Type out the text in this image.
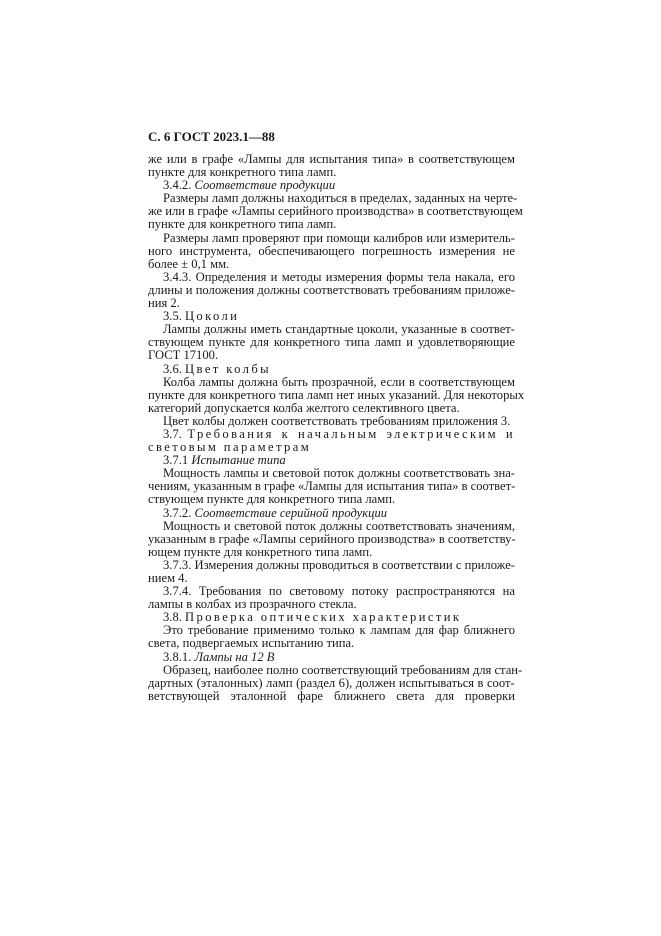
С. 6 ГОСТ 2023.1—88
же или в графе «Лампы для испытания типа» в соответствующем
пункте для конкретного типа ламп.
3.4.2. Соответствие продукции
Размеры ламп должны находиться в пределах, заданных на черте-
же или в графе «Лампы серийного производства» в соответствующем
пункте для конкретного типа ламп.
Размеры ламп проверяют при помощи калибров или измеритель-
ного инструмента, обеспечивающего погрешность измерения не
более ± 0,1 мм.
3.4.3. Определения и методы измерения формы тела накала, его
длины и положения должны соответствовать требованиям приложе-
ния 2.
3.5. Цоколи
Лампы должны иметь стандартные цоколи, указанные в соответ-
ствующем пункте для конкретного типа ламп и удовлетворяющие
ГОСТ 17100.
3.6. Цвет колбы
Колба лампы должна быть прозрачной, если в соответствующем
пункте для конкретного типа ламп нет иных указаний. Для некоторых
категорий допускается колба желтого селективного цвета.
Цвет колбы должен соответствовать требованиям приложения 3.
3.7. Требования к начальным электрическим и
световым параметрам
3.7.1 Испытание типа
Мощность лампы и световой поток должны соответствовать зна-
чениям, указанным в графе «Лампы для испытания типа» в соответ-
ствующем пункте для конкретного типа ламп.
3.7.2. Соответствие серийной продукции
Мощность и световой поток должны соответствовать значениям,
указанным в графе «Лампы серийного производства» в соответству-
ющем пункте для конкретного типа ламп.
3.7.3. Измерения должны проводиться в соответствии с приложе-
нием 4.
3.7.4. Требования по световому потоку распространяются на
лампы в колбах из прозрачного стекла.
3.8. Проверка оптических характеристик
Это требование применимо только к лампам для фар ближнего
света, подвергаемых испытанию типа.
3.8.1. Лампы на 12 В
Образец, наиболее полно соответствующий требованиям для стан-
дартных (эталонных) ламп (раздел 6), должен испытываться в соот-
ветствующей эталонной фаре ближнего света для проверки
